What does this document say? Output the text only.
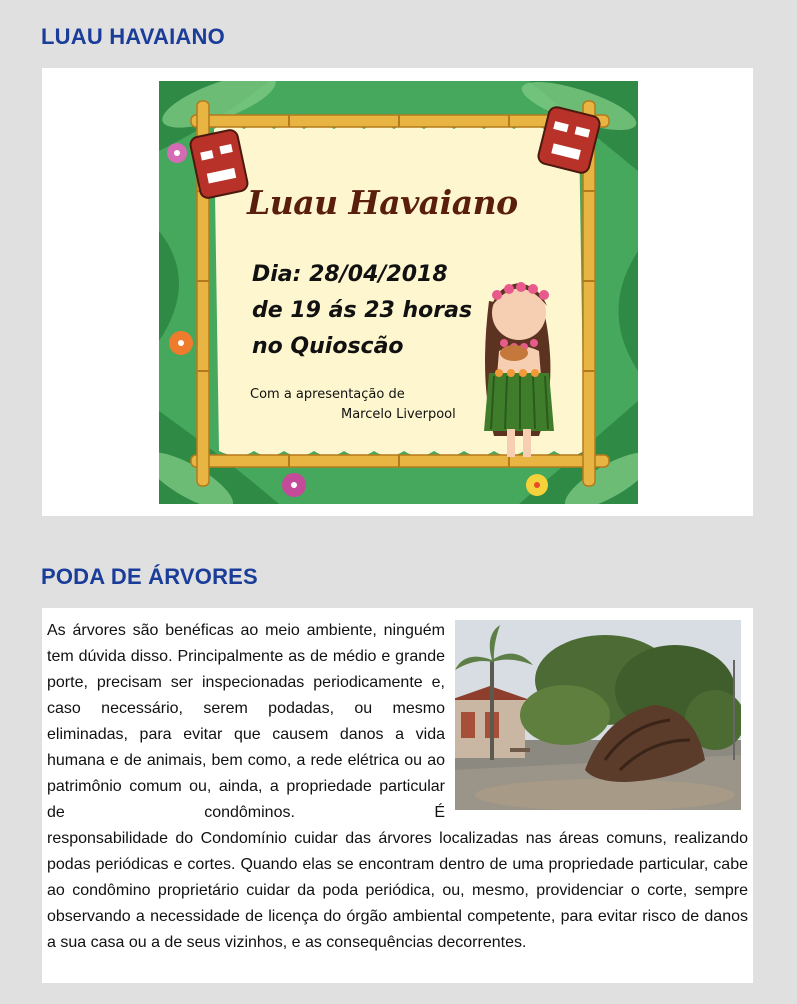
LUAU HAVAIANO
Luau Havaiano
Dia: 28/04/2018
de 19 ás 23 horas
no Quioscão
Com a apresentação de
Marcelo Liverpool
PODA DE ÁRVORES
As árvores são benéficas ao meio ambiente, ninguém tem dúvida disso. Principalmente as de médio e grande porte, precisam ser inspecionadas periodicamente e, caso necessário, serem podadas, ou mesmo eliminadas, para evitar que causem danos a vida humana e de animais, bem como, a rede elétrica ou ao patrimônio comum ou, ainda, a propriedade particular de condôminos. É
responsabilidade do Condomínio cuidar das árvores localizadas nas áreas comuns, realizando podas periódicas e cortes. Quando elas se encontram dentro de uma propriedade particular, cabe ao condômino proprietário cuidar da poda periódica, ou, mesmo, providenciar o corte, sempre observando a necessidade de licença do órgão ambiental competente, para evitar risco de danos a sua casa ou a de seus vizinhos, e as consequências decorrentes.
